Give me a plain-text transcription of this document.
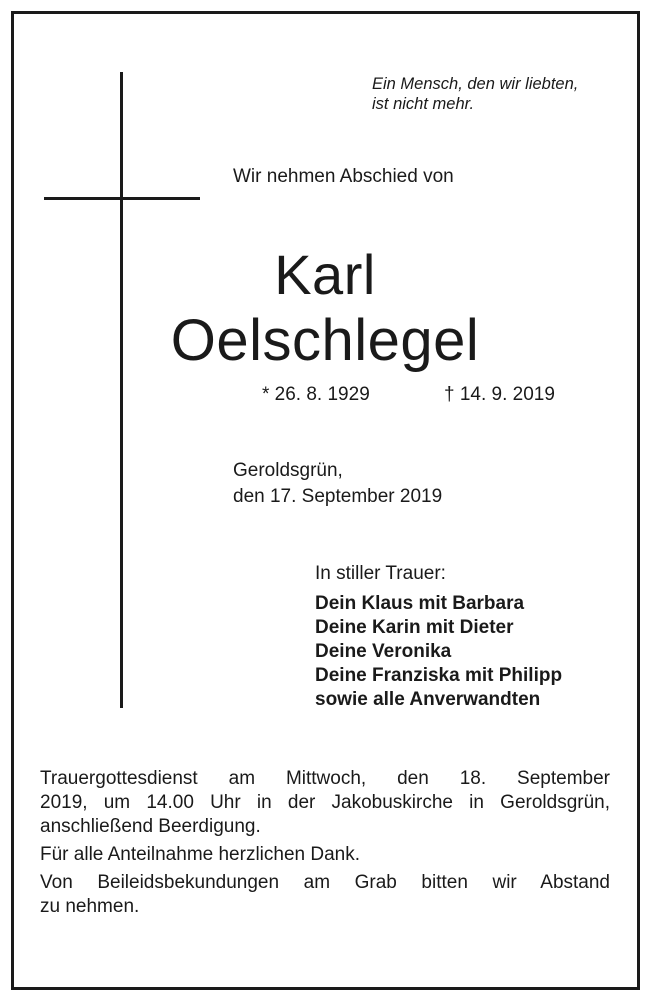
Ein Mensch, den wir liebten,
ist nicht mehr.
Wir nehmen Abschied von
Karl
Oelschlegel
* 26. 8. 1929	† 14. 9. 2019
Geroldsgrün,
den 17. September 2019
In stiller Trauer:
Dein Klaus mit Barbara
Deine Karin mit Dieter
Deine Veronika
Deine Franziska mit Philipp
sowie alle Anverwandten

Trauergottesdienst am Mittwoch, den 18. September

2019, um 14.00 Uhr in der Jakobuskirche in Geroldsgrün,

anschließend Beerdigung.

Für alle Anteilnahme herzlichen Dank.

Von Beileidsbekundungen am Grab bitten wir Abstand

zu nehmen.
